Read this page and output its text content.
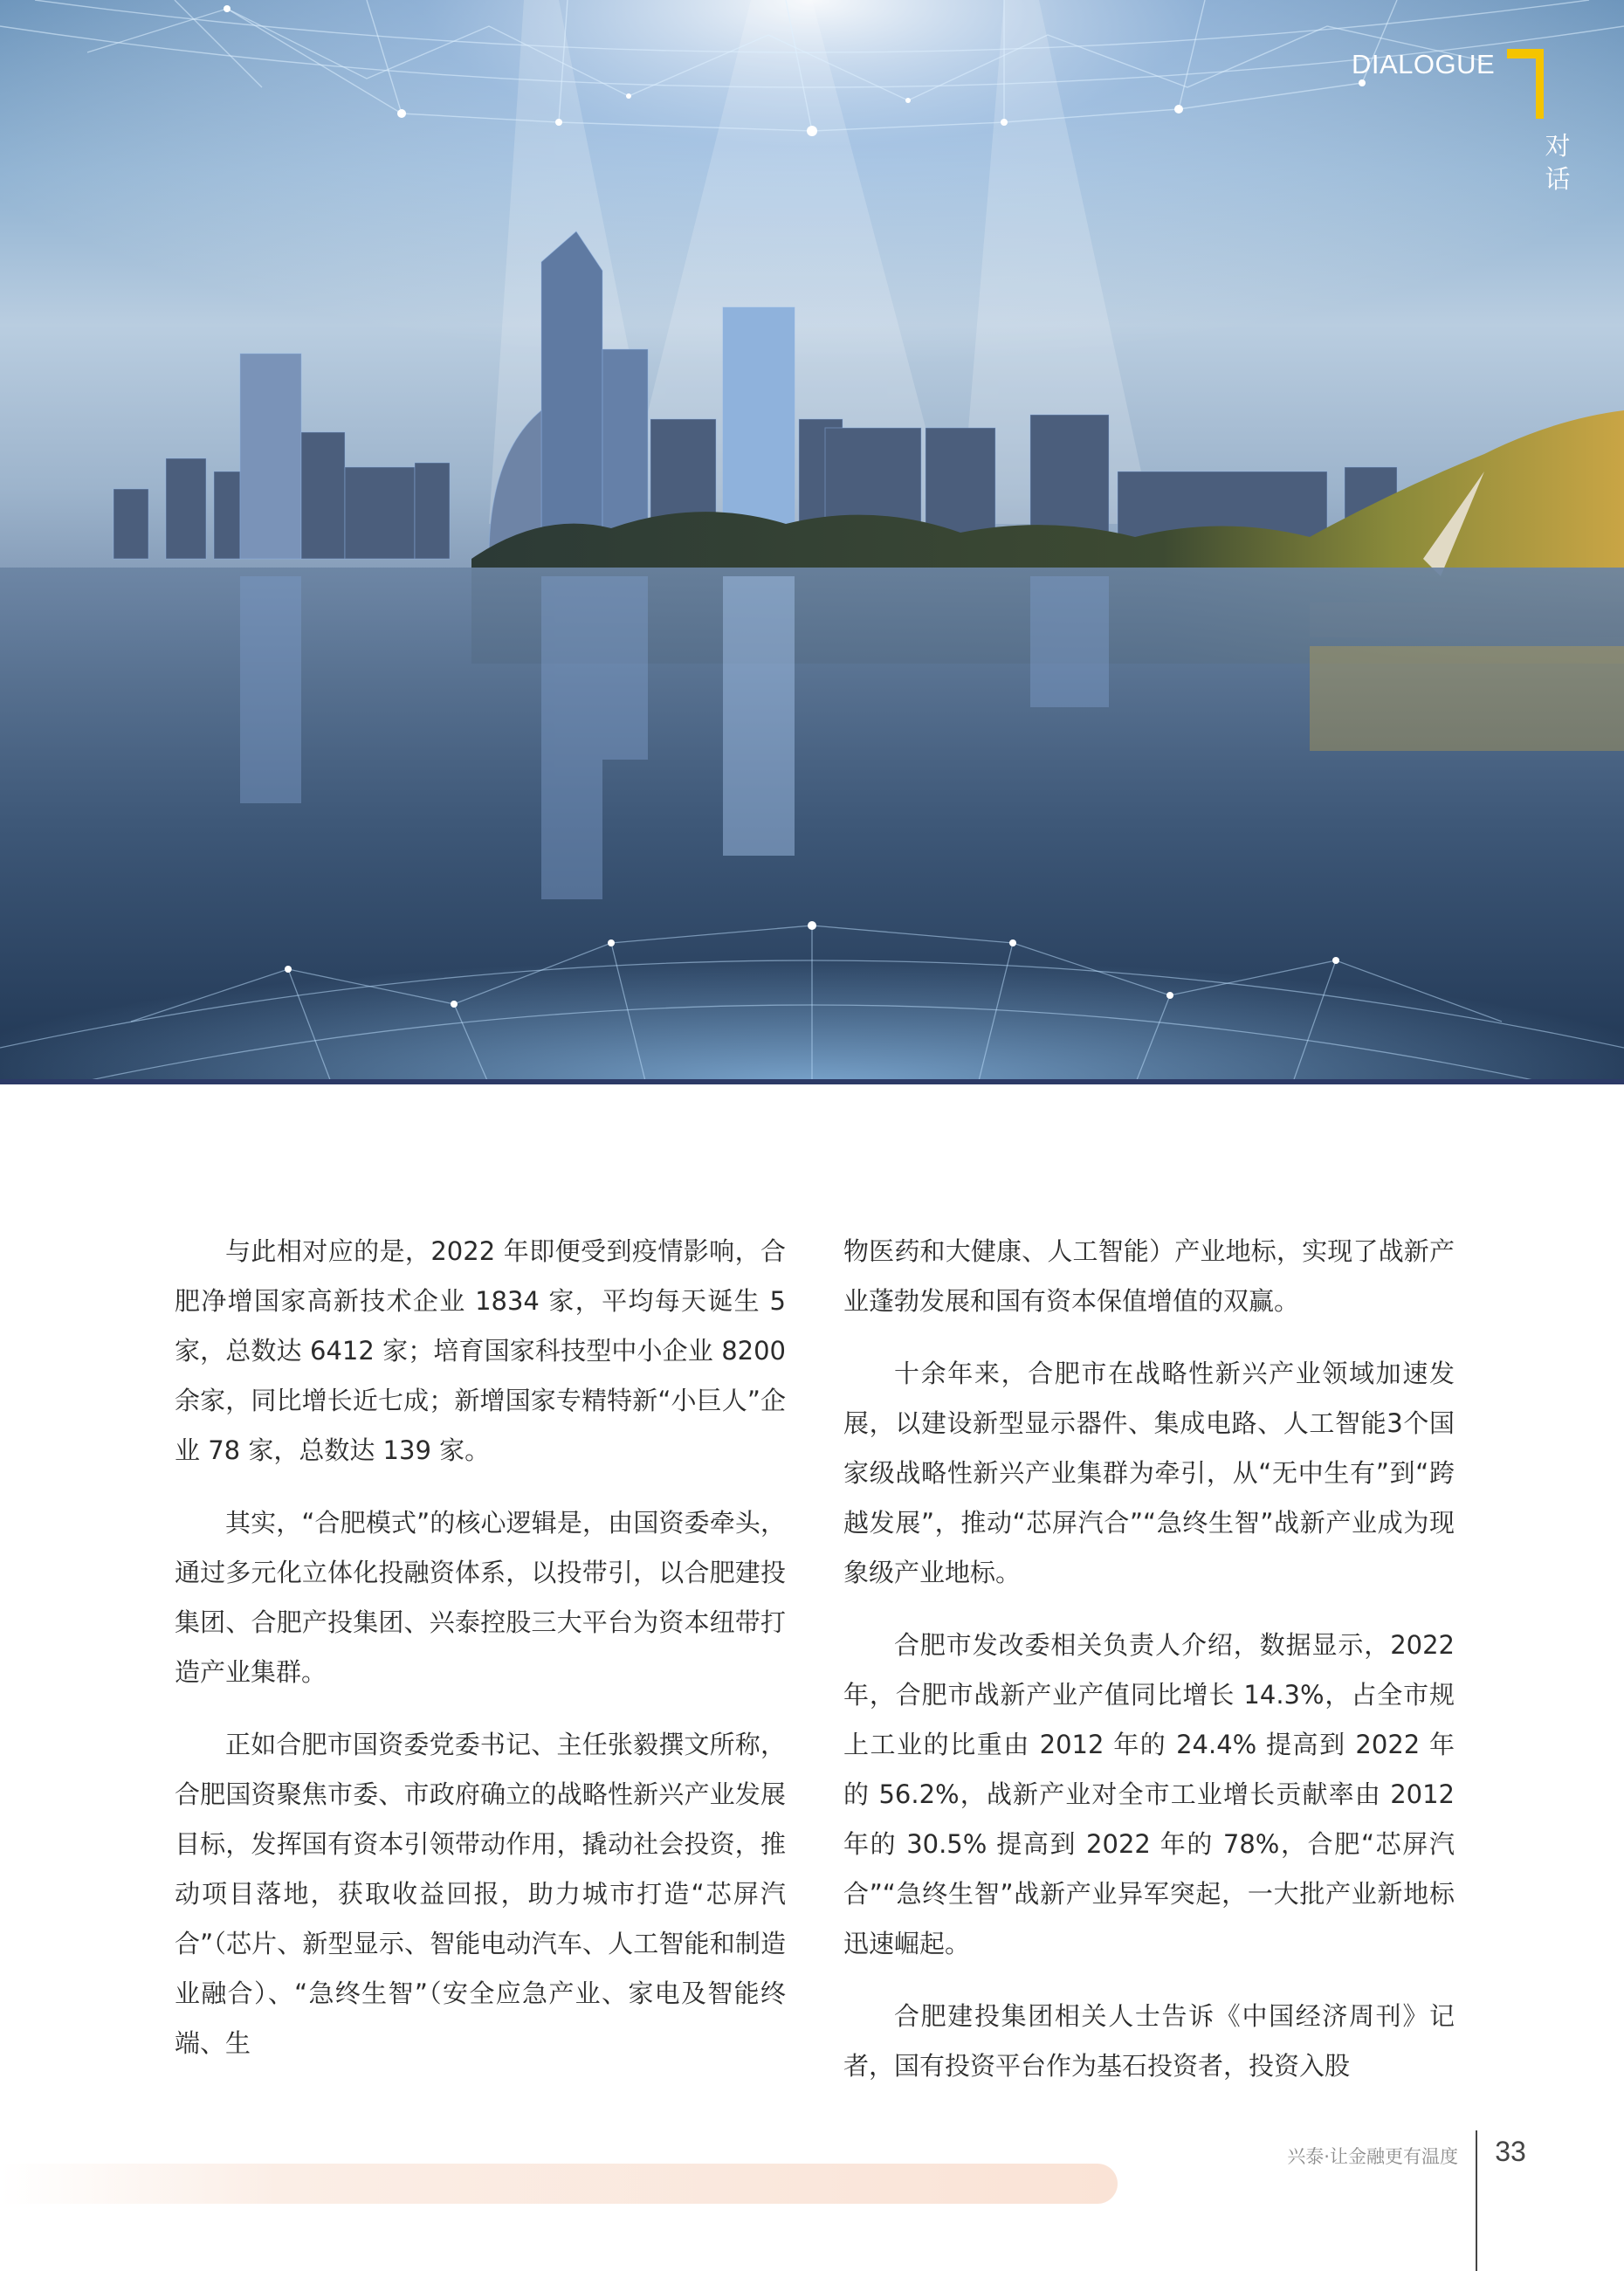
DIALOGUE
对
话

与此相对应的是，2022 年即便受到疫情影响，合肥净增国家高新技术企业 1834 家，平均每天诞生 5 家，总数达 6412 家；培育国家科技型中小企业 8200 余家，同比增长近七成；新增国家专精特新“小巨人”企业 78 家，总数达 139 家。

其实，“合肥模式”的核心逻辑是，由国资委牵头，通过多元化立体化投融资体系，以投带引，以合肥建投集团、合肥产投集团、兴泰控股三大平台为资本纽带打造产业集群。

正如合肥市国资委党委书记、主任张毅撰文所称，合肥国资聚焦市委、市政府确立的战略性新兴产业发展目标，发挥国有资本引领带动作用，撬动社会投资，推动项目落地，获取收益回报，助力城市打造“芯屏汽合”（芯片、新型显示、智能电动汽车、人工智能和制造业融合）、“急终生智”（安全应急产业、家电及智能终端、生

物医药和大健康、人工智能）产业地标，实现了战新产业蓬勃发展和国有资本保值增值的双赢。

十余年来，合肥市在战略性新兴产业领域加速发展，以建设新型显示器件、集成电路、人工智能3个国家级战略性新兴产业集群为牵引，从“无中生有”到“跨越发展”，推动“芯屏汽合”“急终生智”战新产业成为现象级产业地标。

合肥市发改委相关负责人介绍，数据显示，2022 年，合肥市战新产业产值同比增长 14.3%，占全市规上工业的比重由 2012 年的 24.4% 提高到 2022 年的 56.2%，战新产业对全市工业增长贡献率由 2012 年的 30.5% 提高到 2022 年的 78%，合肥“芯屏汽合”“急终生智”战新产业异军突起，一大批产业新地标迅速崛起。

合肥建投集团相关人士告诉《中国经济周刊》记者，国有投资平台作为基石投资者，投资入股

兴泰·让金融更有温度	33
